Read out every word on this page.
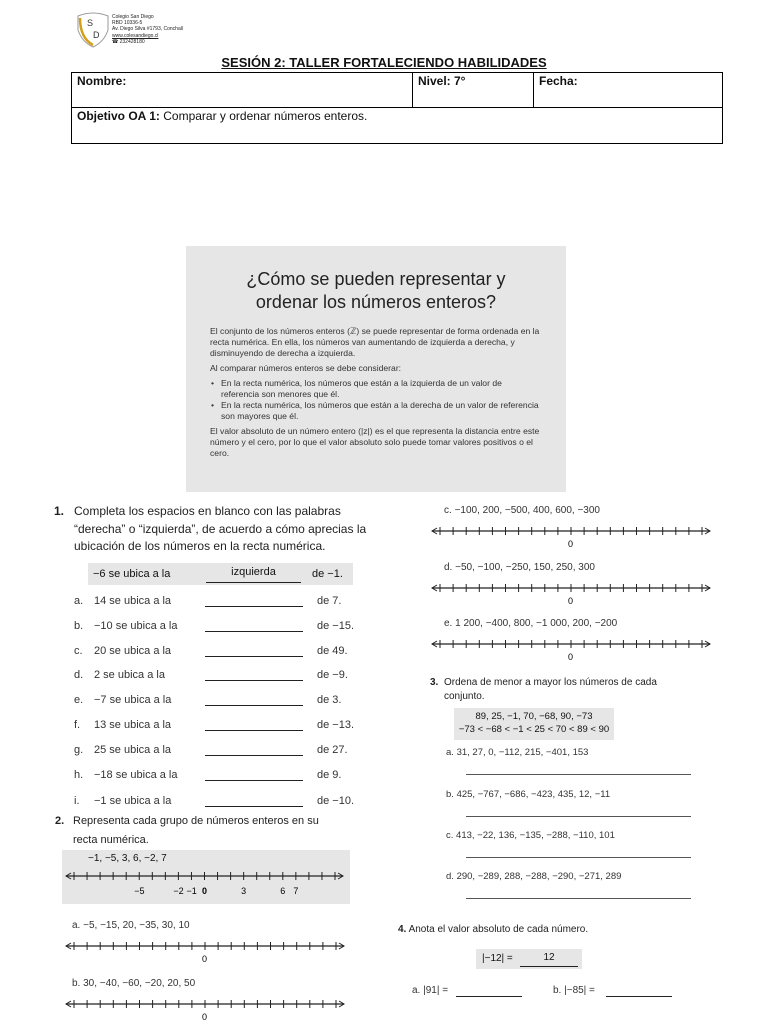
S
D
Colegio San Diego
RBD 10336-5
Av. Diego Silva #1793, Conchalí
www.colesandiego.cl
☎ 232428180
SESIÓN 2: TALLER FORTALECIENDO HABILIDADES
Nombre:	Nivel: 7°	Fecha:
Objetivo OA 1: Comparar y ordenar números enteros.
¿Cómo se pueden representar y
ordenar los números enteros?

El conjunto de los números enteros (ℤ) se puede representar de forma ordenada en la recta numérica. En ella, los números van aumentando de izquierda a derecha, y disminuyendo de derecha a izquierda.

Al comparar números enteros se debe considerar:

• En la recta numérica, los números que están a la izquierda de un valor de referencia son menores que él.
• En la recta numérica, los números que están a la derecha de un valor de referencia son mayores que él.

El valor absoluto de un número entero (|z|) es el que representa la distancia entre este número y el cero, por lo que el valor absoluto solo puede tomar valores positivos o el cero.

1. Completa los espacios en blanco con las palabras “derecha” o “izquierda”, de acuerdo a cómo aprecias la ubicación de los números en la recta numérica.
−6 se ubica a la	izquierda	de −1.
a. 14 se ubica a la	de 7.
b. −10 se ubica a la	de −15.
c. 20 se ubica a la	de 49.
d. 2 se ubica a la	de −9.
e. −7 se ubica a la	de 3.
f. 13 se ubica a la	de −13.
g. 25 se ubica a la	de 27.
h. −18 se ubica a la	de 9.
i. −1 se ubica a la	de −10.
2. Representa cada grupo de números enteros en su
recta numérica.
−1, −5, 3, 6, −2, 7
−5	−2 −1 0	3	6 7
a. −5, −15, 20, −35, 30, 10
0
b. 30, −40, −60, −20, 20, 50
0
c. −100, 200, −500, 400, 600, −300
0
d. −50, −100, −250, 150, 250, 300
0
e. 1 200, −400, 800, −1 000, 200, −200
0
3. Ordena de menor a mayor los números de cada conjunto.
89, 25, −1, 70, −68, 90, −73
−73 < −68 < −1 < 25 < 70 < 89 < 90
a. 31, 27, 0, −112, 215, −401, 153
b. 425, −767, −686, −423, 435, 12, −11
c. 413, −22, 136, −135, −288, −110, 101
d. 290, −289, 288, −288, −290, −271, 289
4. Anota el valor absoluto de cada número.
|−12| =	12
a. |91| =	b. |−85| =
